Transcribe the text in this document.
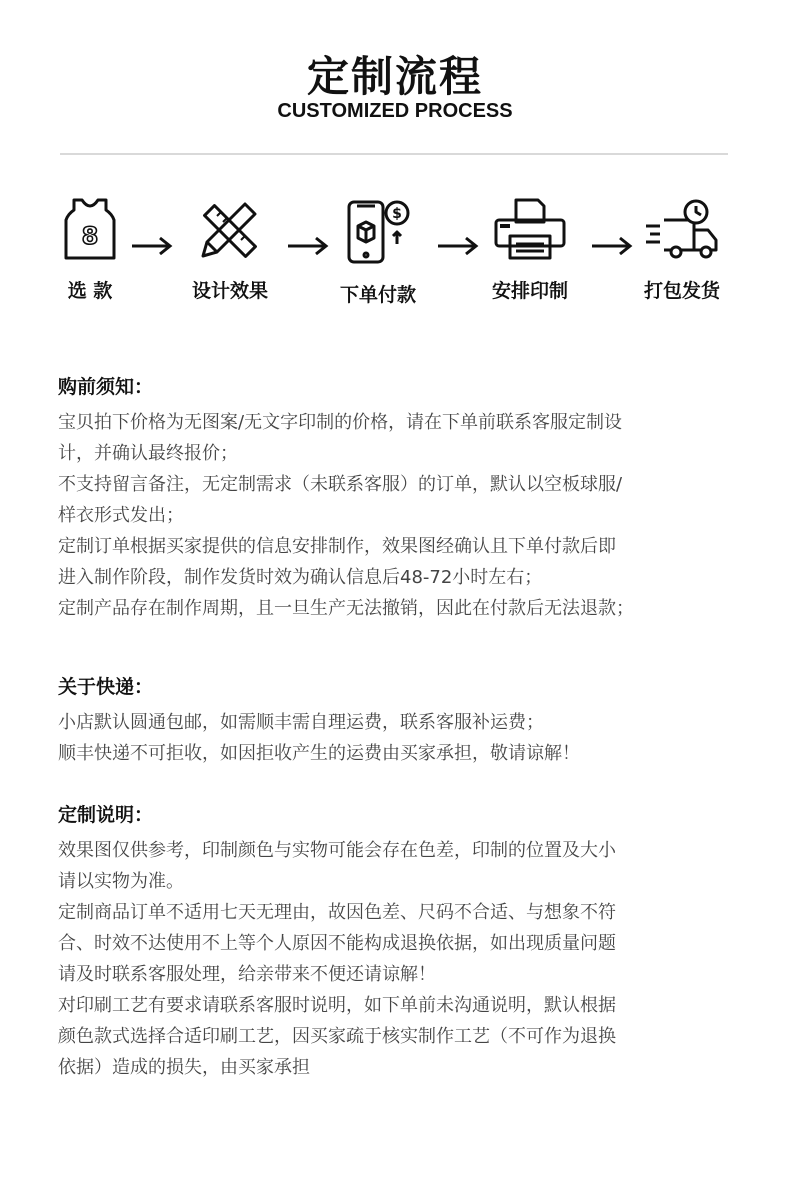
定制流程
CUSTOMIZED PROCESS
8
选 款	设计效果
$
下单付款	安排印制	打包发货
购前须知：
宝贝拍下价格为无图案/无文字印制的价格，请在下单前联系客服定制设
计，并确认最终报价；
不支持留言备注，无定制需求（未联系客服）的订单，默认以空板球服/
样衣形式发出；
定制订单根据买家提供的信息安排制作，效果图经确认且下单付款后即
进入制作阶段，制作发货时效为确认信息后48-72小时左右；
定制产品存在制作周期，且一旦生产无法撤销，因此在付款后无法退款；
关于快递：
小店默认圆通包邮，如需顺丰需自理运费，联系客服补运费；
顺丰快递不可拒收，如因拒收产生的运费由买家承担，敬请谅解！
定制说明：
效果图仅供参考，印制颜色与实物可能会存在色差，印制的位置及大小
请以实物为准。
定制商品订单不适用七天无理由，故因色差、尺码不合适、与想象不符
合、时效不达使用不上等个人原因不能构成退换依据，如出现质量问题
请及时联系客服处理，给亲带来不便还请谅解！
对印刷工艺有要求请联系客服时说明，如下单前未沟通说明，默认根据
颜色款式选择合适印刷工艺，因买家疏于核实制作工艺（不可作为退换
依据）造成的损失，由买家承担
